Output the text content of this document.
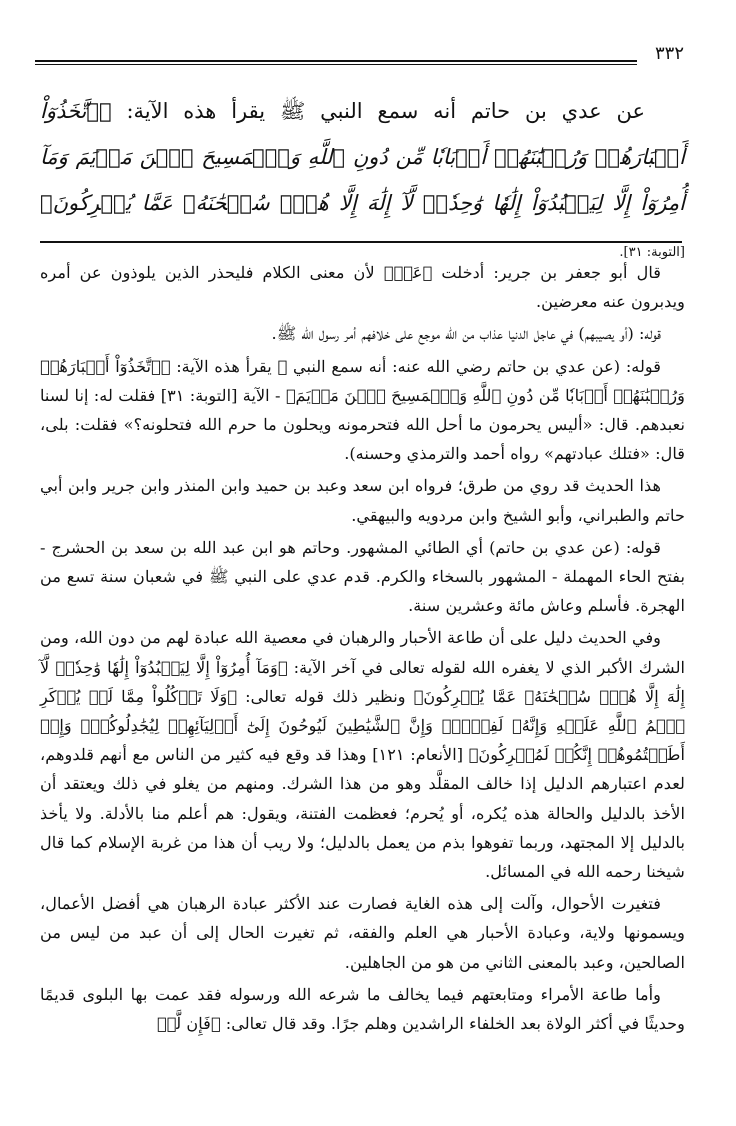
٣٣٢

عن عدي بن حاتم أنه سمع النبي ﷺ يقرأ هذه الآية: ﴿ٱتَّخَذُوٓاْ أَحۡبَارَهُمۡ وَرُهۡبَٰنَهُمۡ أَرۡبَابٗا مِّن دُونِ ٱللَّهِ وَٱلۡمَسِيحَ ٱبۡنَ مَرۡيَمَ وَمَآ أُمِرُوٓاْ إِلَّا لِيَعۡبُدُوٓاْ إِلَٰهٗا وَٰحِدٗاۖ لَّآ إِلَٰهَ إِلَّا هُوَۚ سُبۡحَٰنَهُۥ عَمَّا يُشۡرِكُونَ﴾ [التوبة: ٣١].

قال أبو جعفر بن جرير: أدخلت ﴿عَنۡ﴾ لأن معنى الكلام فليحذر الذين يلوذون عن أمره ويدبرون عنه معرضين.

قوله: (أو يصيبهم) في عاجل الدنيا عذاب من الله موجع على خلافهم أمر رسول الله ﷺ.

قوله: (عن عدي بن حاتم رضي الله عنه: أنه سمع النبي ﷺ يقرأ هذه الآية: ﴿ٱتَّخَذُوٓاْ أَحۡبَارَهُمۡ وَرُهۡبَٰنَهُمۡ أَرۡبَابٗا مِّن دُونِ ٱللَّهِ وَٱلۡمَسِيحَ ٱبۡنَ مَرۡيَمَ﴾ - الآية [التوبة: ٣١] فقلت له: إنا لسنا نعبدهم. قال: «أليس يحرمون ما أحل الله فتحرمونه ويحلون ما حرم الله فتحلونه؟» فقلت: بلى، قال: «فتلك عبادتهم» رواه أحمد والترمذي وحسنه).

هذا الحديث قد روي من طرق؛ فرواه ابن سعد وعبد بن حميد وابن المنذر وابن جرير وابن أبي حاتم والطبراني، وأبو الشيخ وابن مردويه والبيهقي.

قوله: (عن عدي بن حاتم) أي الطائي المشهور. وحاتم هو ابن عبد الله بن سعد بن الحشرج - بفتح الحاء المهملة - المشهور بالسخاء والكرم. قدم عدي على النبي ﷺ في شعبان سنة تسع من الهجرة. فأسلم وعاش مائة وعشرين سنة.

وفي الحديث دليل على أن طاعة الأحبار والرهبان في معصية الله عبادة لهم من دون الله، ومن الشرك الأكبر الذي لا يغفره الله لقوله تعالى في آخر الآية: ﴿وَمَآ أُمِرُوٓاْ إِلَّا لِيَعۡبُدُوٓاْ إِلَٰهٗا وَٰحِدٗاۖ لَّآ إِلَٰهَ إِلَّا هُوَۚ سُبۡحَٰنَهُۥ عَمَّا يُشۡرِكُونَ﴾ ونظير ذلك قوله تعالى: ﴿وَلَا تَأۡكُلُواْ مِمَّا لَمۡ يُذۡكَرِ ٱسۡمُ ٱللَّهِ عَلَيۡهِ وَإِنَّهُۥ لَفِسۡقٞۗ وَإِنَّ ٱلشَّيَٰطِينَ لَيُوحُونَ إِلَىٰٓ أَوۡلِيَآئِهِمۡ لِيُجَٰدِلُوكُمۡۖ وَإِنۡ أَطَعۡتُمُوهُمۡ إِنَّكُمۡ لَمُشۡرِكُونَ﴾ [الأنعام: ١٢١] وهذا قد وقع فيه كثير من الناس مع أنهم قلدوهم، لعدم اعتبارهم الدليل إذا خالف المقلَّد وهو من هذا الشرك. ومنهم من يغلو في ذلك ويعتقد أن الأخذ بالدليل والحالة هذه يُكره، أو يُحرم؛ فعظمت الفتنة، ويقول: هم أعلم منا بالأدلة. ولا يأخذ بالدليل إلا المجتهد، وربما تفوهوا بذم من يعمل بالدليل؛ ولا ريب أن هذا من غربة الإسلام كما قال شيخنا رحمه الله في المسائل.

فتغيرت الأحوال، وآلت إلى هذه الغاية فصارت عند الأكثر عبادة الرهبان هي أفضل الأعمال، ويسمونها ولاية، وعبادة الأحبار هي العلم والفقه، ثم تغيرت الحال إلى أن عبد من ليس من الصالحين، وعبد بالمعنى الثاني من هو من الجاهلين.

وأما طاعة الأمراء ومتابعتهم فيما يخالف ما شرعه الله ورسوله فقد عمت بها البلوى قديمًا وحديثًا في أكثر الولاة بعد الخلفاء الراشدين وهلم جرًا. وقد قال تعالى: ﴿فَإِن لَّمۡ
